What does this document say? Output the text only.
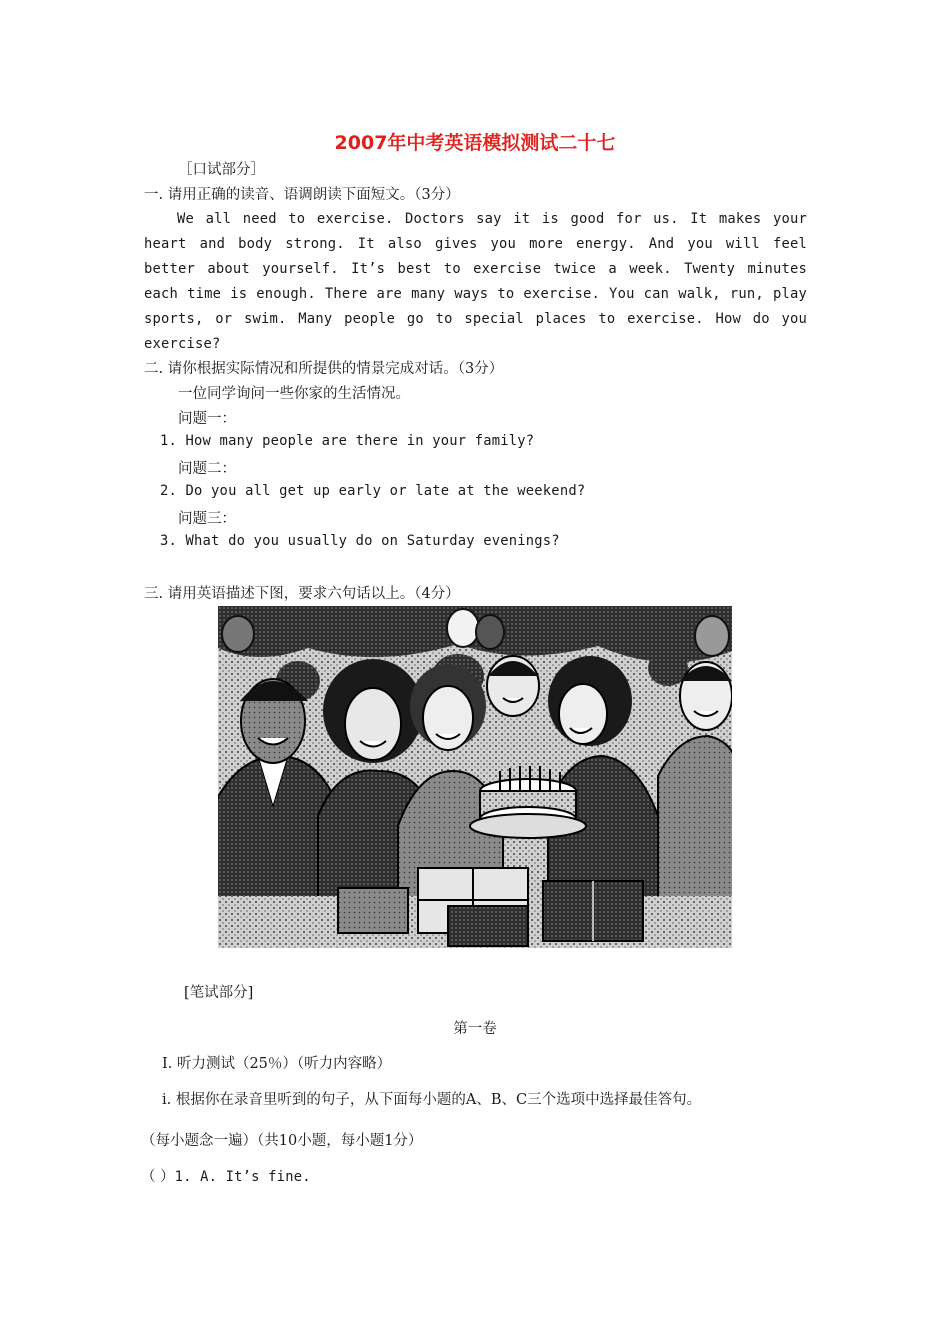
2007年中考英语模拟测试二十七
［口试部分］
一. 请用正确的读音、语调朗读下面短文。（3分）
We all need to exercise. Doctors say it is good for us. It makes your heart and body strong. It also gives you more energy. And you will feel better about yourself. It’s best to exercise twice a week. Twenty minutes each time is enough. There are many ways to exercise. You can walk, run, play sports, or swim. Many people go to special places to exercise. How do you exercise?
二. 请你根据实际情况和所提供的情景完成对话。（3分）
一位同学询问一些你家的生活情况。
问题一：
1. How many people are there in your family?
问题二：
2. Do you all get up early or late at the weekend?
问题三：
3. What do you usually do on Saturday evenings?
三. 请用英语描述下图，要求六句话以上。（4分）
[笔试部分]
第一卷
I. 听力测试（25％）（听力内容略）
i. 根据你在录音里听到的句子，从下面每小题的A、B、C三个选项中选择最佳答句。
（每小题念一遍）（共10小题，每小题1分）
（ ）1. A. It’s fine.
